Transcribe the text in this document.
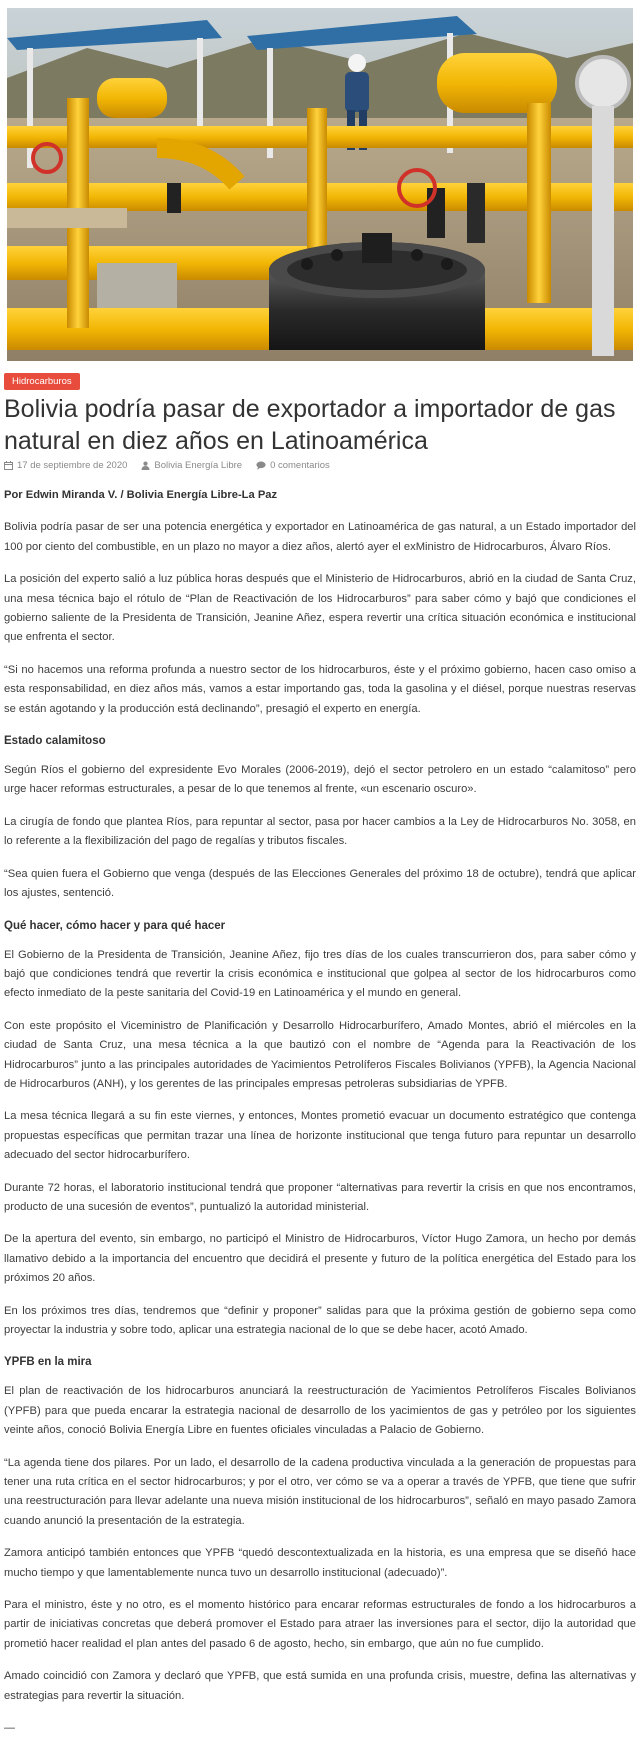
Hidrocarburos
Bolivia podría pasar de exportador a importador de gas natural en diez años en Latinoamérica
17 de septiembre de 2020	Bolivia Energía Libre	0 comentarios

Por Edwin Miranda V. / Bolivia Energía Libre-La Paz

Bolivia podría pasar de ser una potencia energética y exportador en Latinoamérica de gas natural, a un Estado importador del 100 por ciento del combustible, en un plazo no mayor a diez años, alertó ayer el exMinistro de Hidrocarburos, Álvaro Ríos.

La posición del experto salió a luz pública horas después que el Ministerio de Hidrocarburos, abrió en la ciudad de Santa Cruz, una mesa técnica bajo el rótulo de “Plan de Reactivación de los Hidrocarburos” para saber cómo y bajó que condiciones el gobierno saliente de la Presidenta de Transición, Jeanine Añez, espera revertir una crítica situación económica e institucional que enfrenta el sector.

“Si no hacemos una reforma profunda a nuestro sector de los hidrocarburos, éste y el próximo gobierno, hacen caso omiso a esta responsabilidad, en diez años más, vamos a estar importando gas, toda la gasolina y el diésel, porque nuestras reservas se están agotando y la producción está declinando”, presagió el experto en energía.

Estado calamitoso

Según Ríos el gobierno del expresidente Evo Morales (2006-2019), dejó el sector petrolero en un estado “calamitoso” pero urge hacer reformas estructurales, a pesar de lo que tenemos al frente, «un escenario oscuro».

La cirugía de fondo que plantea Ríos, para repuntar al sector, pasa por hacer cambios a la Ley de Hidrocarburos No. 3058, en lo referente a la flexibilización del pago de regalías y tributos fiscales.

“Sea quien fuera el Gobierno que venga (después de las Elecciones Generales del próximo 18 de octubre), tendrá que aplicar los ajustes, sentenció.

Qué hacer, cómo hacer y para qué hacer

El Gobierno de la Presidenta de Transición, Jeanine Añez, fijo tres días de los cuales transcurrieron dos, para saber cómo y bajó que condiciones tendrá que revertir la crisis económica e institucional que golpea al sector de los hidrocarburos como efecto inmediato de la peste sanitaria del Covid-19 en Latinoamérica y el mundo en general.

Con este propósito el Viceministro de Planificación y Desarrollo Hidrocarburífero, Amado Montes, abrió el miércoles en la ciudad de Santa Cruz, una mesa técnica a la que bautizó con el nombre de “Agenda para la Reactivación de los Hidrocarburos” junto a las principales autoridades de Yacimientos Petrolíferos Fiscales Bolivianos (YPFB), la Agencia Nacional de Hidrocarburos (ANH), y los gerentes de las principales empresas petroleras subsidiarias de YPFB.

La mesa técnica llegará a su fin este viernes, y entonces, Montes prometió evacuar un documento estratégico que contenga propuestas específicas que permitan trazar una línea de horizonte institucional que tenga futuro para repuntar un desarrollo adecuado del sector hidrocarburífero.

Durante 72 horas, el laboratorio institucional tendrá que proponer “alternativas para revertir la crisis en que nos encontramos, producto de una sucesión de eventos”, puntualizó la autoridad ministerial.

De la apertura del evento, sin embargo, no participó el Ministro de Hidrocarburos, Víctor Hugo Zamora, un hecho por demás llamativo debido a la importancia del encuentro que decidirá el presente y futuro de la política energética del Estado para los próximos 20 años.

En los próximos tres días, tendremos que “definir y proponer” salidas para que la próxima gestión de gobierno sepa como proyectar la industria y sobre todo, aplicar una estrategia nacional de lo que se debe hacer, acotó Amado.

YPFB en la mira

El plan de reactivación de los hidrocarburos anunciará la reestructuración de Yacimientos Petrolíferos Fiscales Bolivianos (YPFB) para que pueda encarar la estrategia nacional de desarrollo de los yacimientos de gas y petróleo por los siguientes veinte años, conoció Bolivia Energía Libre en fuentes oficiales vinculadas a Palacio de Gobierno.

“La agenda tiene dos pilares. Por un lado, el desarrollo de la cadena productiva vinculada a la generación de propuestas para tener una ruta crítica en el sector hidrocarburos; y por el otro, ver cómo se va a operar a través de YPFB, que tiene que sufrir una reestructuración para llevar adelante una nueva misión institucional de los hidrocarburos”, señaló en mayo pasado Zamora cuando anunció la presentación de la estrategia.

Zamora anticipó también entonces que YPFB “quedó descontextualizada en la historia, es una empresa que se diseñó hace mucho tiempo y que lamentablemente nunca tuvo un desarrollo institucional (adecuado)”.

Para el ministro, éste y no otro, es el momento histórico para encarar reformas estructurales de fondo a los hidrocarburos a partir de iniciativas concretas que deberá promover el Estado para atraer las inversiones para el sector, dijo la autoridad que prometió hacer realidad el plan antes del pasado 6 de agosto, hecho, sin embargo, que aún no fue cumplido.

Amado coincidió con Zamora y declaró que YPFB, que está sumida en una profunda crisis, muestre, defina las alternativas y estrategias para revertir la situación.

—
